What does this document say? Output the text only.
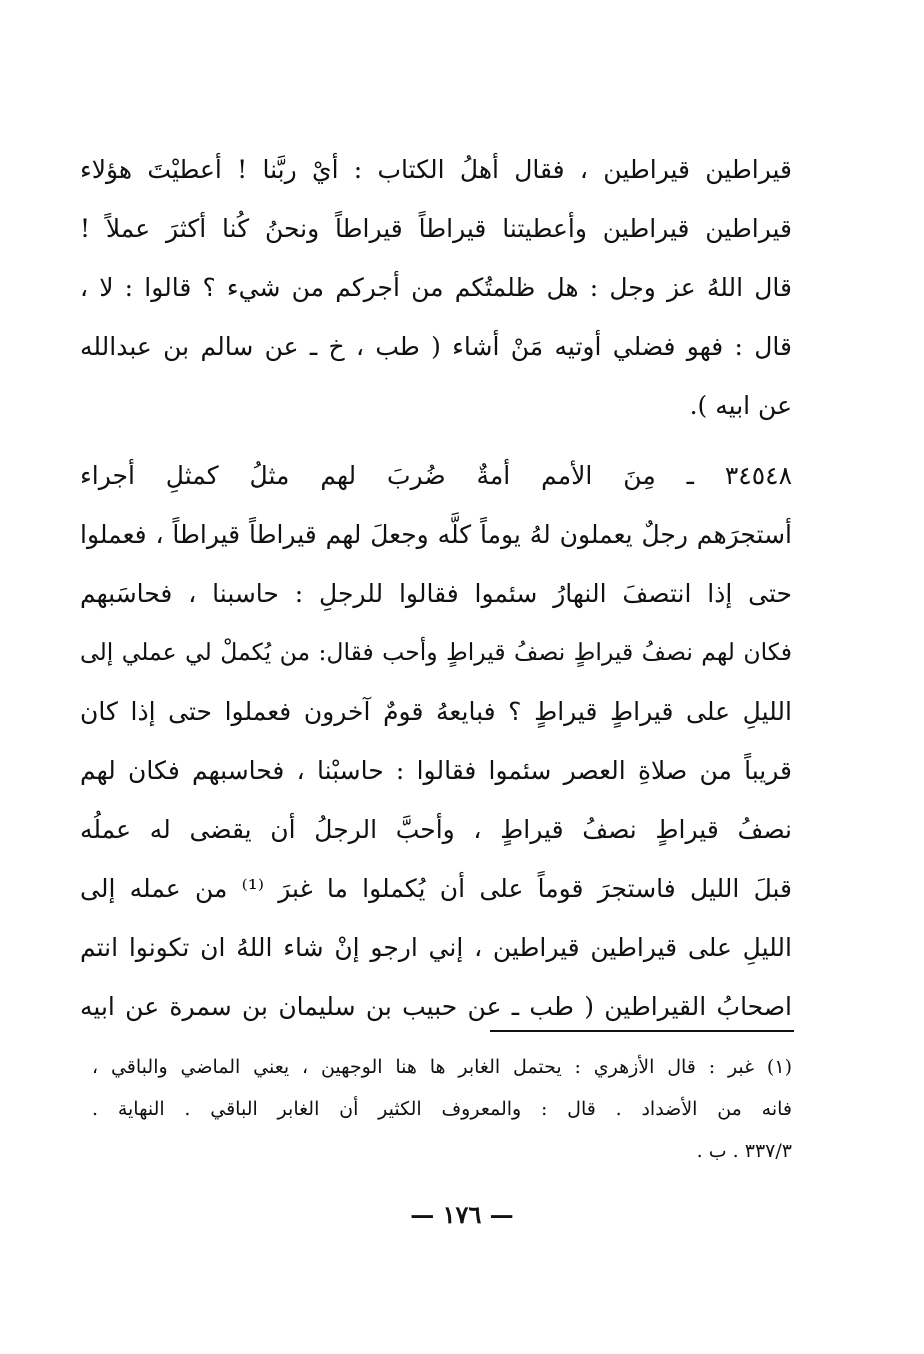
قيراطين قيراطين ، فقال أهلُ الكتاب : أيْ ربَّنا ! أعطيْتَ هؤلاء
قيراطين قيراطين وأعطيتنا قيراطاً قيراطاً ونحنُ كُنا أكثرَ عملاً !
قال اللهُ عز وجل : هل ظلمتُكم من أجركم من شيء ؟ قالوا : لا ،
قال : فهو فضلي أوتيه مَنْ أشاء ( طب ، خ ـ عن سالم بن عبدالله
عن ابيه ).
٣٤٥٤٨ ـ مِنَ الأمم أمةٌ ضُربَ لهم مثلُ كمثلِ أجراء
أستجرَهم رجلٌ يعملون لهُ يوماً كلَّه وجعلَ لهم قيراطاً قيراطاً ، فعملوا
حتى إذا انتصفَ النهارُ سئموا فقالوا للرجلِ : حاسبنا ، فحاسَبهم
فكان لهم نصفُ قيراطٍ نصفُ قيراطٍ وأحب فقال: من يُكملْ لي عملي إلى
الليلِ على قيراطٍ قيراطٍ ؟ فبايعهُ قومٌ آخرون فعملوا حتى إذا كان
قريباً من صلاةِ العصر سئموا فقالوا : حاسبْنا ، فحاسبهم فكان لهم
نصفُ قيراطٍ نصفُ قيراطٍ ، وأحبَّ الرجلُ أن يقضى له عملُه
قبلَ الليل فاستجرَ قوماً على أن يُكملوا ما غبرَ ⁽¹⁾ من عمله إلى
الليلِ على قيراطين قيراطين ، إني ارجو إنْ شاء اللهُ ان تكونوا انتم
اصحابُ القيراطين ( طب ـ عن حبيب بن سليمان بن سمرة عن ابيه
(١) غبر : قال الأزهري : يحتمل الغابر ها هنا الوجهين ، يعني الماضي والباقي ،
فانه من الأضداد . قال : والمعروف الكثير أن الغابر الباقي . النهاية .
٣٣٧/٣ . ب .
— ١٧٦ —
